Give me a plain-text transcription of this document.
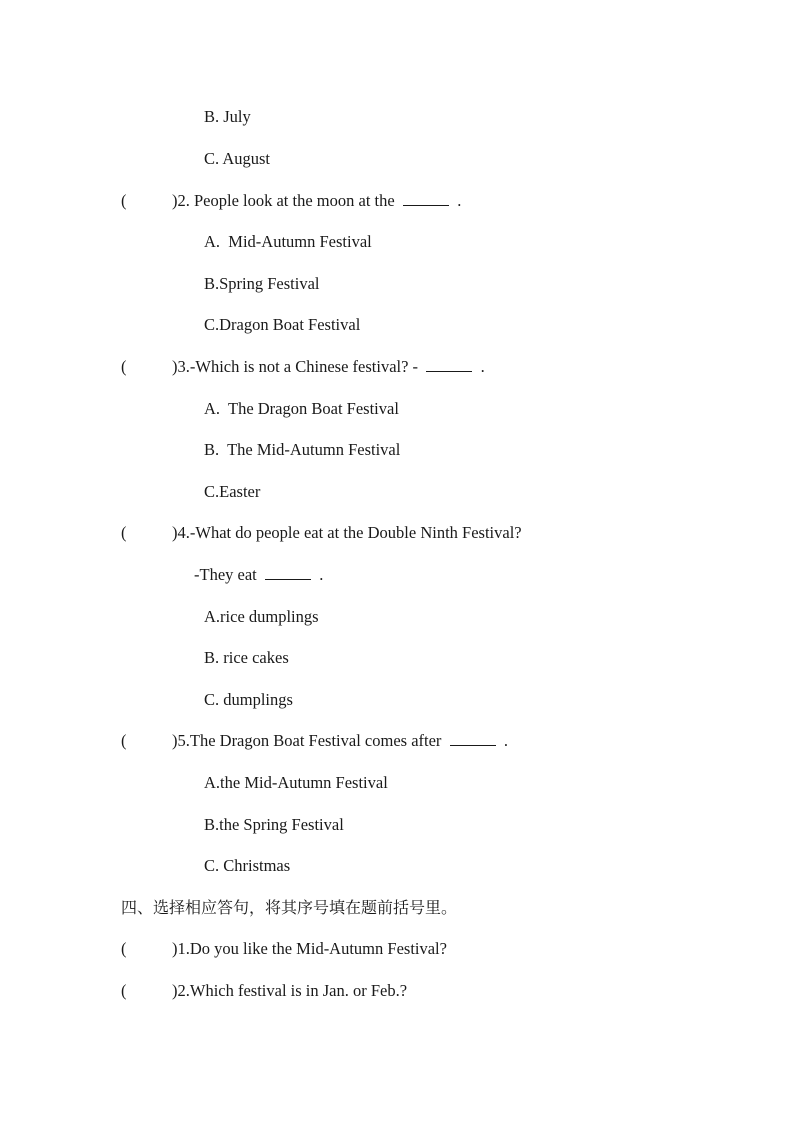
B. July
C. August
(	)2. People look at the moon at the	.
A.  Mid-Autumn Festival
B.Spring Festival
C.Dragon Boat Festival
(	)3.-Which is not a Chinese festival? -	.
A.  The Dragon Boat Festival
B.  The Mid-Autumn Festival
C.Easter
(	)4.-What do people eat at the Double Ninth Festival?
-They eat	.
A.rice dumplings
B. rice cakes
C. dumplings
(	)5.The Dragon Boat Festival comes after	.
A.the Mid-Autumn Festival
B.the Spring Festival
C. Christmas
四、选择相应答句，将其序号填在题前括号里。
(	)1.Do you like the Mid-Autumn Festival?
(	)2.Which festival is in Jan. or Feb.?
